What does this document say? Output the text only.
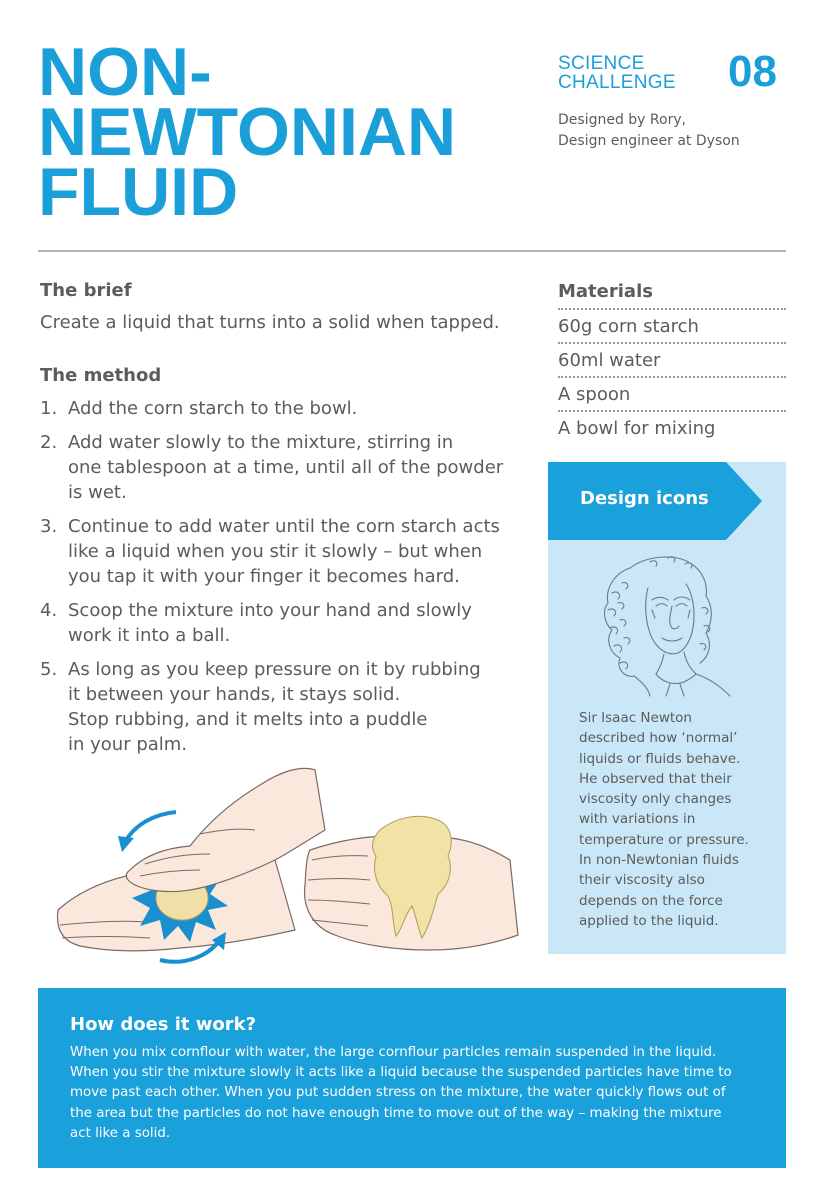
NON-
NEWTONIAN
FLUID
SCIENCE
CHALLENGE 08
Designed by Rory,
Design engineer at Dyson
The brief
Create a liquid that turns into a solid when tapped.
The method
1. Add the corn starch to the bowl.
2. Add water slowly to the mixture, stirring in
one tablespoon at a time, until all of the powder
is wet.
3. Continue to add water until the corn starch acts
like a liquid when you stir it slowly – but when
you tap it with your finger it becomes hard.
4. Scoop the mixture into your hand and slowly
work it into a ball.
5. As long as you keep pressure on it by rubbing
it between your hands, it stays solid.
Stop rubbing, and it melts into a puddle
in your palm.
Materials
60g corn starch
60ml water
A spoon
A bowl for mixing
Design icons
Sir Isaac Newton
described how ‘normal’
liquids or fluids behave.
He observed that their
viscosity only changes
with variations in
temperature or pressure.
In non-Newtonian fluids
their viscosity also
depends on the force
applied to the liquid.
How does it work?
When you mix cornflour with water, the large cornflour particles remain suspended in the liquid.
When you stir the mixture slowly it acts like a liquid because the suspended particles have time to
move past each other. When you put sudden stress on the mixture, the water quickly flows out of
the area but the particles do not have enough time to move out of the way – making the mixture
act like a solid.
